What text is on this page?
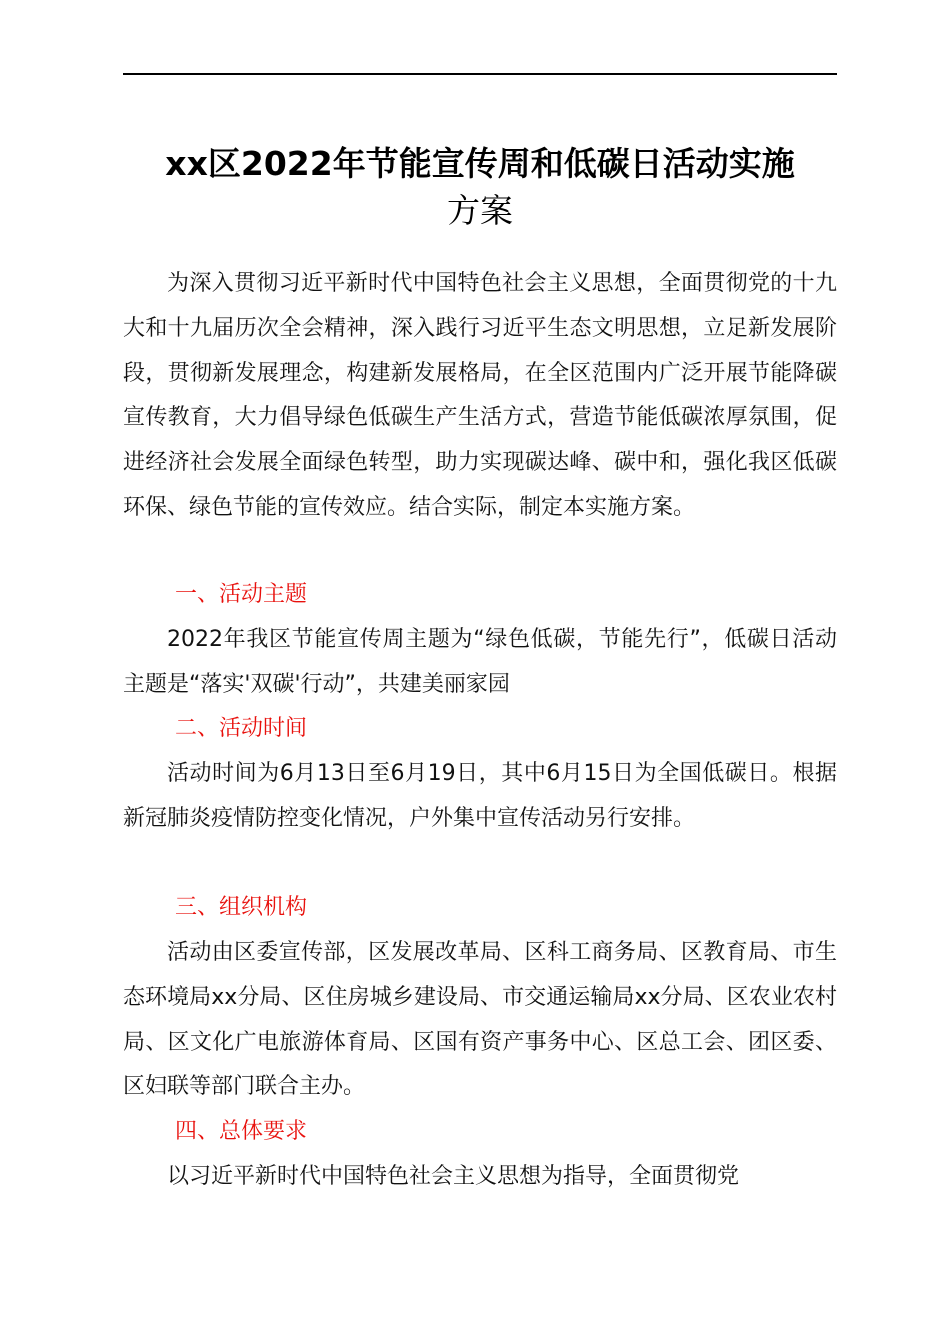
xx区2022年节能宣传周和低碳日活动实施
方案

为深入贯彻习近平新时代中国特色社会主义思想，全面贯彻党的十九大和十九届历次全会精神，深入践行习近平生态文明思想，立足新发展阶段，贯彻新发展理念，构建新发展格局，在全区范围内广泛开展节能降碳宣传教育，大力倡导绿色低碳生产生活方式，营造节能低碳浓厚氛围，促进经济社会发展全面绿色转型，助力实现碳达峰、碳中和，强化我区低碳环保、绿色节能的宣传效应。结合实际，制定本实施方案。

一、活动主题

2022年我区节能宣传周主题为“绿色低碳，节能先行”，低碳日活动主题是“落实'双碳'行动”，共建美丽家园

二、活动时间

活动时间为6月13日至6月19日，其中6月15日为全国低碳日。根据新冠肺炎疫情防控变化情况，户外集中宣传活动另行安排。

三、组织机构

活动由区委宣传部，区发展改革局、区科工商务局、区教育局、市生态环境局xx分局、区住房城乡建设局、市交通运输局xx分局、区农业农村局、区文化广电旅游体育局、区国有资产事务中心、区总工会、团区委、区妇联等部门联合主办。

四、总体要求

以习近平新时代中国特色社会主义思想为指导，全面贯彻党
